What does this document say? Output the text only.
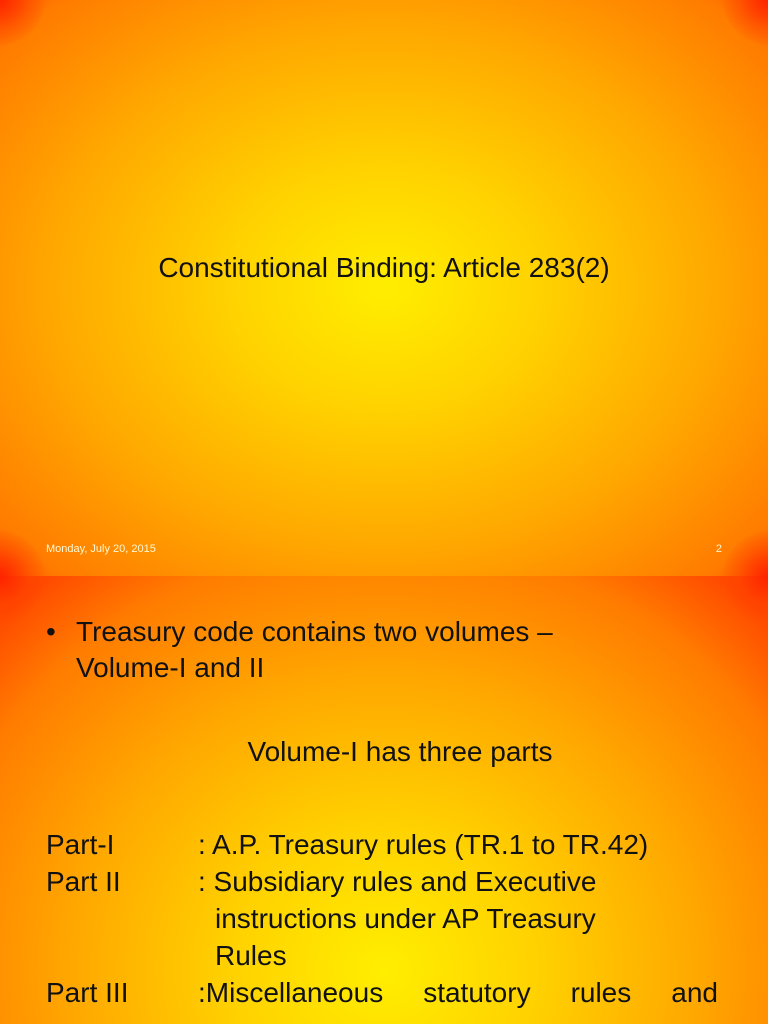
Constitutional Binding: Article 283(2)
Monday, July 20, 2015	2
• Treasury code contains two volumes –
Volume-I and II
Volume-I has three parts
Part-I	: A.P. Treasury rules (TR.1 to TR.42)
Part II	: Subsidiary rules and Executive
instructions under AP Treasury
Rules
Part III	:Miscellaneous statutory rules and
